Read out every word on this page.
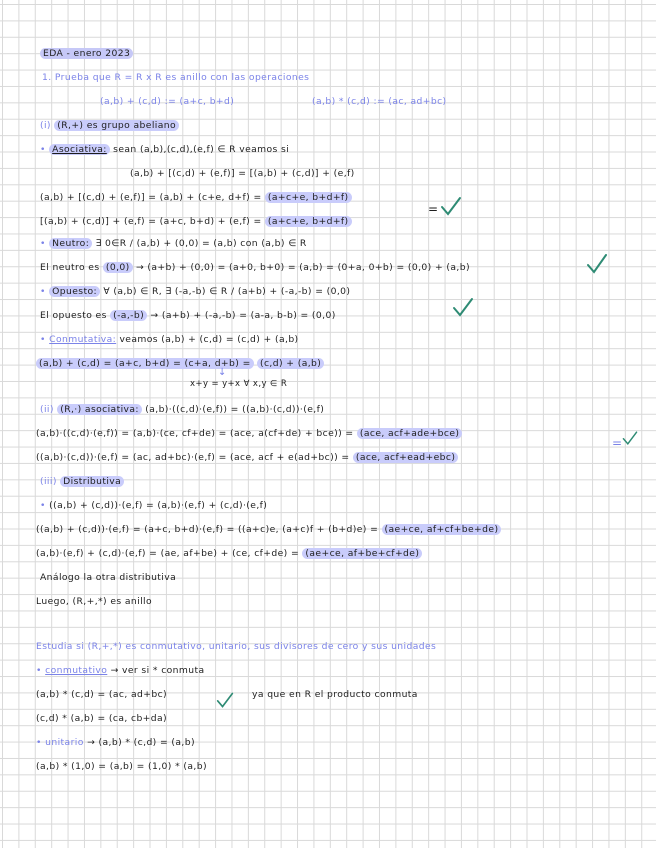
EDA - enero 2023
1. Prueba que R = R x R es anillo con las operaciones
(a,b) + (c,d) := (a+c, b+d)	(a,b) * (c,d) := (ac, ad+bc)
(i) (R,+) es grupo abeliano
• Asociativa: sean (a,b),(c,d),(e,f) ∈ R veamos si
(a,b) + [(c,d) + (e,f)] = [(a,b) + (c,d)] + (e,f)
(a,b) + [(c,d) + (e,f)] = (a,b) + (c+e, d+f) = (a+c+e, b+d+f)
[(a,b) + (c,d)] + (e,f) = (a+c, b+d) + (e,f) = (a+c+e, b+d+f)
=
• Neutro: ∃ 0∈R / (a,b) + (0,0) = (a,b) con (a,b) ∈ R
El neutro es (0,0) → (a+b) + (0,0) = (a+0, b+0) = (a,b) = (0+a, 0+b) = (0,0) + (a,b)
• Opuesto: ∀ (a,b) ∈ R, ∃ (-a,-b) ∈ R / (a+b) + (-a,-b) = (0,0)
El opuesto es (-a,-b) → (a+b) + (-a,-b) = (a-a, b-b) = (0,0)
• Conmutativa: veamos (a,b) + (c,d) = (c,d) + (a,b)
(a,b) + (c,d) = (a+c, b+d) = (c+a, d+b) = (c,d) + (a,b)
↓
x+y = y+x ∀ x,y ∈ R
(ii) (R,·) asociativa: (a,b)·((c,d)·(e,f)) = ((a,b)·(c,d))·(e,f)
(a,b)·((c,d)·(e,f)) = (a,b)·(ce, cf+de) = (ace, a(cf+de) + bce)) = (ace, acf+ade+bce)
((a,b)·(c,d))·(e,f) = (ac, ad+bc)·(e,f) = (ace, acf + e(ad+bc)) = (ace, acf+ead+ebc)
=
(iii) Distributiva
• ((a,b) + (c,d))·(e,f) = (a,b)·(e,f) + (c,d)·(e,f)
((a,b) + (c,d))·(e,f) = (a+c, b+d)·(e,f) = ((a+c)e, (a+c)f + (b+d)e) = (ae+ce, af+cf+be+de)
(a,b)·(e,f) + (c,d)·(e,f) = (ae, af+be) + (ce, cf+de) = (ae+ce, af+be+cf+de)
Análogo la otra distributiva
Luego, (R,+,*) es anillo
Estudia si (R,+,*) es conmutativo, unitario, sus divisores de cero y sus unidades
• conmutativo → ver si * conmuta
(a,b) * (c,d) = (ac, ad+bc)	ya que en R el producto conmuta
(c,d) * (a,b) = (ca, cb+da)
• unitario → (a,b) * (c,d) = (a,b)
(a,b) * (1,0) = (a,b) = (1,0) * (a,b)
